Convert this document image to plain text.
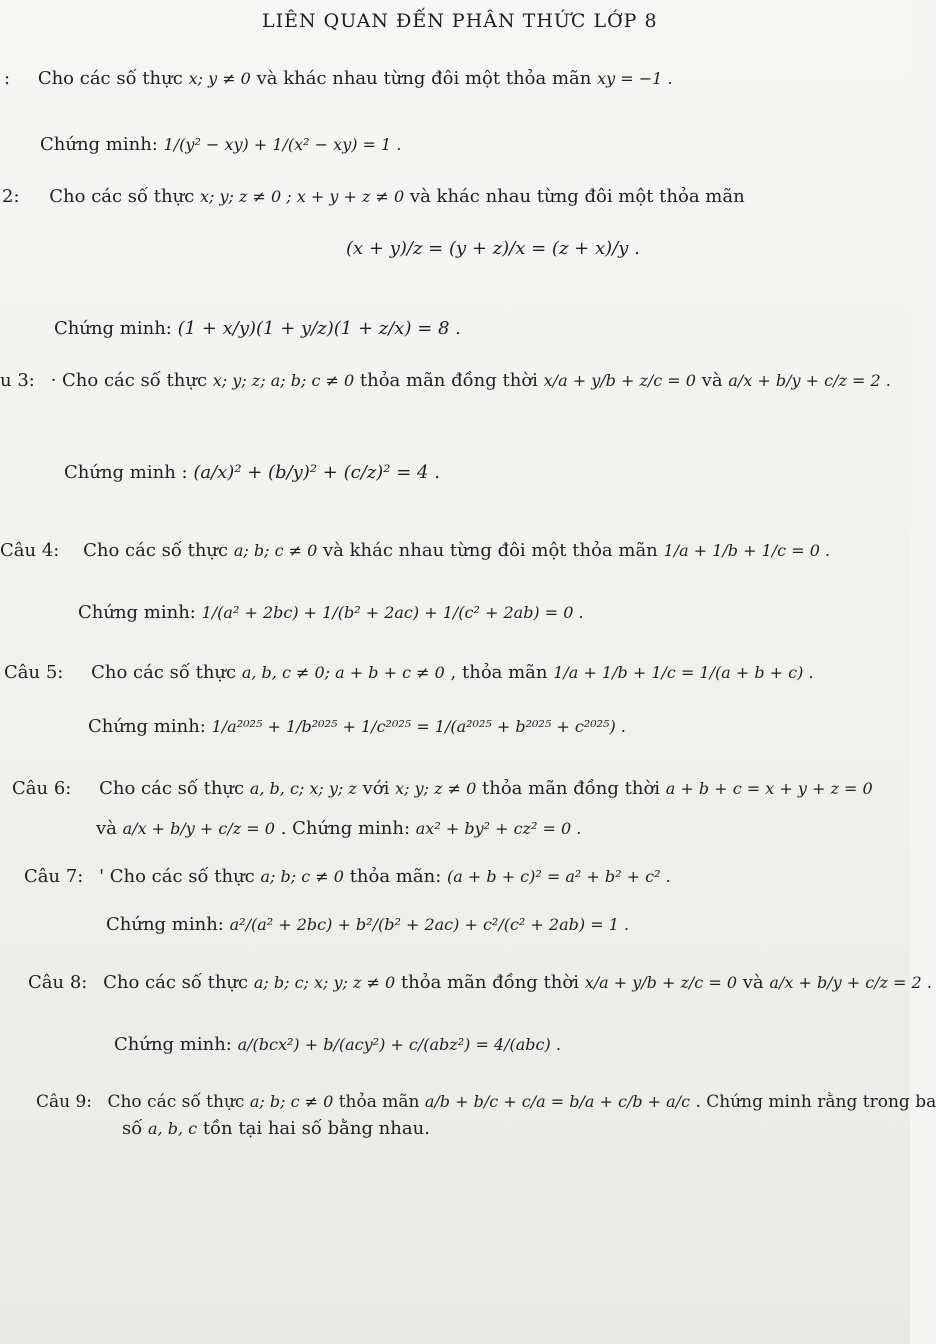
LIÊN QUAN ĐẾN PHÂN THỨC LỚP 8
: Cho các số thực x; y ≠ 0 và khác nhau từng đôi một thỏa mãn xy = −1 .
Chứng minh: 1/(y² − xy) + 1/(x² − xy) = 1 .
2: Cho các số thực x; y; z ≠ 0 ; x + y + z ≠ 0 và khác nhau từng đôi một thỏa mãn
(x + y)/z = (y + z)/x = (z + x)/y .
Chứng minh: (1 + x/y)(1 + y/z)(1 + z/x) = 8 .
u 3: · Cho các số thực x; y; z; a; b; c ≠ 0 thỏa mãn đồng thời x/a + y/b + z/c = 0 và a/x + b/y + c/z = 2 .
Chứng minh : (a/x)² + (b/y)² + (c/z)² = 4 .
Câu 4: Cho các số thực a; b; c ≠ 0 và khác nhau từng đôi một thỏa mãn 1/a + 1/b + 1/c = 0 .
Chứng minh: 1/(a² + 2bc) + 1/(b² + 2ac) + 1/(c² + 2ab) = 0 .
Câu 5: Cho các số thực a, b, c ≠ 0; a + b + c ≠ 0 , thỏa mãn 1/a + 1/b + 1/c = 1/(a + b + c) .
Chứng minh: 1/a²⁰²⁵ + 1/b²⁰²⁵ + 1/c²⁰²⁵ = 1/(a²⁰²⁵ + b²⁰²⁵ + c²⁰²⁵) .
Câu 6: Cho các số thực a, b, c; x; y; z với x; y; z ≠ 0 thỏa mãn đồng thời a + b + c = x + y + z = 0
và a/x + b/y + c/z = 0 . Chứng minh: ax² + by² + cz² = 0 .
Câu 7: ' Cho các số thực a; b; c ≠ 0 thỏa mãn: (a + b + c)² = a² + b² + c² .
Chứng minh: a²/(a² + 2bc) + b²/(b² + 2ac) + c²/(c² + 2ab) = 1 .
Câu 8: Cho các số thực a; b; c; x; y; z ≠ 0 thỏa mãn đồng thời x/a + y/b + z/c = 0 và a/x + b/y + c/z = 2 .
Chứng minh: a/(bcx²) + b/(acy²) + c/(abz²) = 4/(abc) .
Câu 9: Cho các số thực a; b; c ≠ 0 thỏa mãn a/b + b/c + c/a = b/a + c/b + a/c . Chứng minh rằng trong ba
số a, b, c tồn tại hai số bằng nhau.
